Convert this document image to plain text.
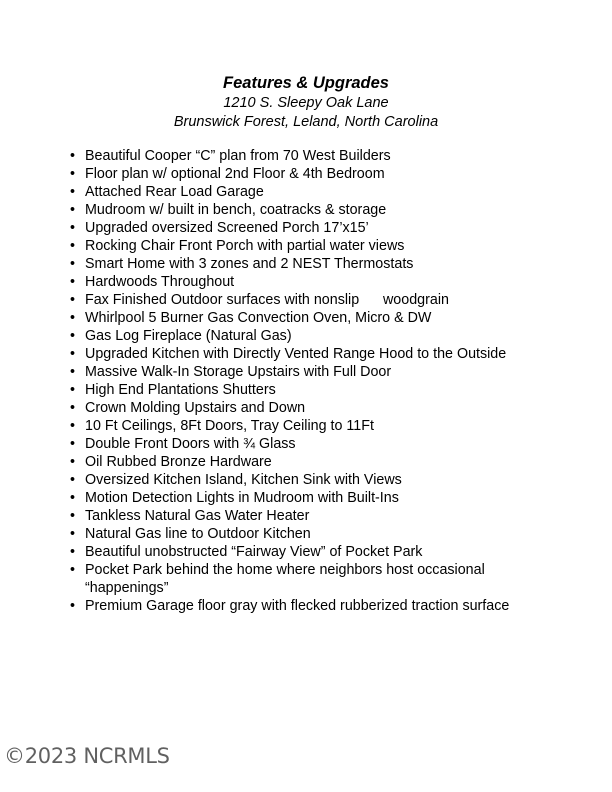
Features & Upgrades
1210 S. Sleepy Oak Lane
Brunswick Forest, Leland, North Carolina
• Beautiful Cooper “C” plan from 70 West Builders
• Floor plan w/ optional 2nd Floor & 4th Bedroom
• Attached Rear Load Garage
• Mudroom w/ built in bench, coatracks & storage
• Upgraded oversized Screened Porch 17’x15’
• Rocking Chair Front Porch with partial water views
• Smart Home with 3 zones and 2 NEST Thermostats
• Hardwoods Throughout
• Fax Finished Outdoor surfaces with nonslip      woodgrain
• Whirlpool 5 Burner Gas Convection Oven, Micro & DW
• Gas Log Fireplace (Natural Gas)
• Upgraded Kitchen with Directly Vented Range Hood to the Outside
• Massive Walk-In Storage Upstairs with Full Door
• High End Plantations Shutters
• Crown Molding Upstairs and Down
• 10 Ft Ceilings, 8Ft Doors, Tray Ceiling to 11Ft
• Double Front Doors with ¾ Glass
• Oil Rubbed Bronze Hardware
• Oversized Kitchen Island, Kitchen Sink with Views
• Motion Detection Lights in Mudroom with Built-Ins
• Tankless Natural Gas Water Heater
• Natural Gas line to Outdoor Kitchen
• Beautiful unobstructed “Fairway View” of Pocket Park
• Pocket Park behind the home where neighbors host occasional “happenings”
• Premium Garage floor gray with flecked rubberized traction surface
©2023 NCRMLS
